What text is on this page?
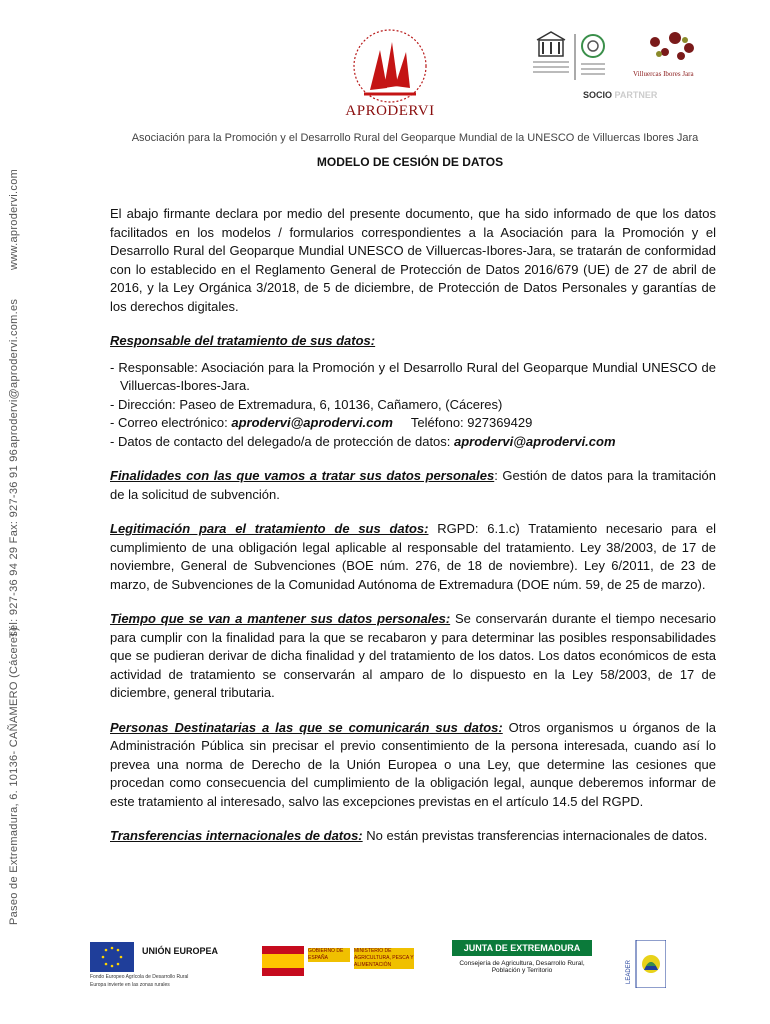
Paseo de Extremadura, 6. 10136- CAÑAMERO (Cáceres)
Tél: 927-36 94 29 Fax: 927-36 91 96
aprodervi@aprodervi.com.es
www.aprodervi.com
APRODERVI
Villuercas Ibores Jara
SOCIO PARTNER
Asociación para la Promoción y el Desarrollo Rural del Geoparque Mundial de la UNESCO de Villuercas Ibores Jara
MODELO DE CESIÓN DE DATOS

El abajo firmante declara por medio del presente documento, que ha sido informado de que los datos facilitados en los modelos / formularios correspondientes a la Asociación para la Promoción y el Desarrollo Rural del Geoparque Mundial UNESCO de Villuercas-Ibores-Jara, se tratarán de conformidad con lo establecido en el Reglamento General de Protección de Datos 2016/679 (UE) de 27 de abril de 2016, y la Ley Orgánica 3/2018, de 5 de diciembre, de Protección de Datos Personales y garantías de los derechos digitales.

Responsable del tratamiento de sus datos:

- Responsable: Asociación para la Promoción y el Desarrollo Rural del Geoparque Mundial UNESCO de Villuercas-Ibores-Jara.
- Dirección: Paseo de Extremadura, 6, 10136, Cañamero, (Cáceres)
- Correo electrónico: aprodervi@aprodervi.com Teléfono: 927369429
- Datos de contacto del delegado/a de protección de datos: aprodervi@aprodervi.com

Finalidades con las que vamos a tratar sus datos personales: Gestión de datos para la tramitación de la solicitud de subvención.

Legitimación para el tratamiento de sus datos: RGPD: 6.1.c) Tratamiento necesario para el cumplimiento de una obligación legal aplicable al responsable del tratamiento. Ley 38/2003, de 17 de noviembre, General de Subvenciones (BOE núm. 276, de 18 de noviembre). Ley 6/2011, de 23 de marzo, de Subvenciones de la Comunidad Autónoma de Extremadura (DOE núm. 59, de 25 de marzo).

Tiempo que se van a mantener sus datos personales: Se conservarán durante el tiempo necesario para cumplir con la finalidad para la que se recabaron y para determinar las posibles responsabilidades que se pudieran derivar de dicha finalidad y del tratamiento de los datos. Los datos económicos de esta actividad de tratamiento se conservarán al amparo de lo dispuesto en la Ley 58/2003, de 17 de diciembre, general tributaria.

Personas Destinatarias a las que se comunicarán sus datos: Otros organismos u órganos de la Administración Pública sin precisar el previo consentimiento de la persona interesada, cuando así lo prevea una norma de Derecho de la Unión Europea o una Ley, que determine las cesiones que procedan como consecuencia del cumplimiento de la obligación legal, aunque deberemos informar de este tratamiento al interesado, salvo las excepciones previstas en el artículo 14.5 del RGPD.

Transferencias internacionales de datos: No están previstas transferencias internacionales de datos.

UNIÓN EUROPEA
Fondo Europeo Agrícola de Desarrollo Rural
Europa invierte en las zonas rurales
GOBIERNO DE ESPAÑA
MINISTERIO DE AGRICULTURA, PESCA Y ALIMENTACIÓN
JUNTA DE EXTREMADURA
Consejería de Agricultura, Desarrollo Rural,
Población y Territorio	LEADER
